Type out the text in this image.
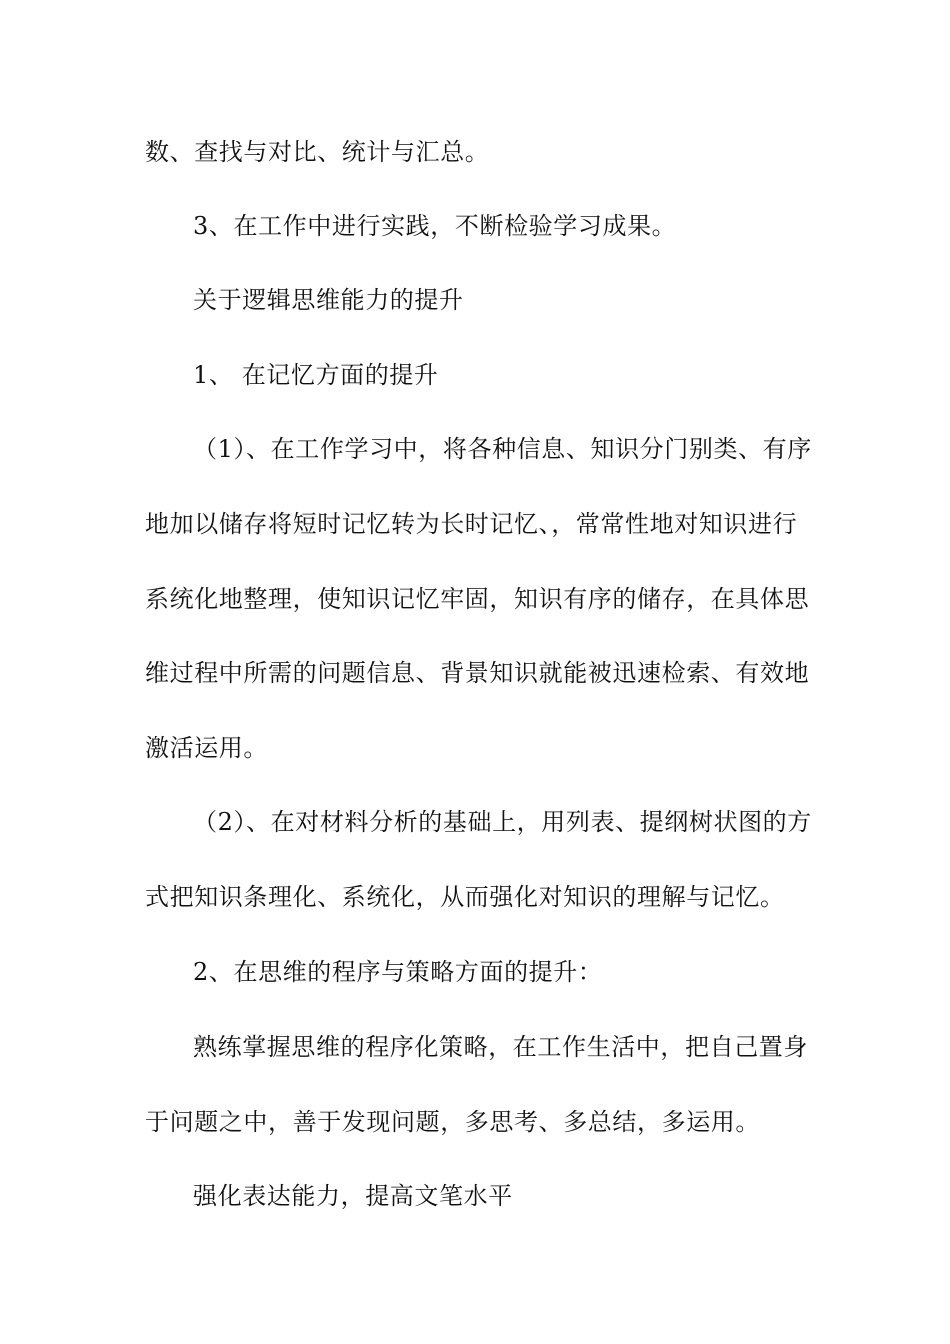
数、查找与对比、统计与汇总。
3、在工作中进行实践，不断检验学习成果。
关于逻辑思维能力的提升
1、 在记忆方面的提升
（1）、在工作学习中，将各种信息、知识分门别类、有序
地加以储存将短时记忆转为长时记忆、，常常性地对知识进行
系统化地整理，使知识记忆牢固，知识有序的储存，在具体思
维过程中所需的问题信息、背景知识就能被迅速检索、有效地
激活运用。
（2）、在对材料分析的基础上，用列表、提纲树状图的方
式把知识条理化、系统化，从而强化对知识的理解与记忆。
2、在思维的程序与策略方面的提升：
熟练掌握思维的程序化策略，在工作生活中，把自己置身
于问题之中，善于发现问题，多思考、多总结，多运用。
强化表达能力，提高文笔水平
